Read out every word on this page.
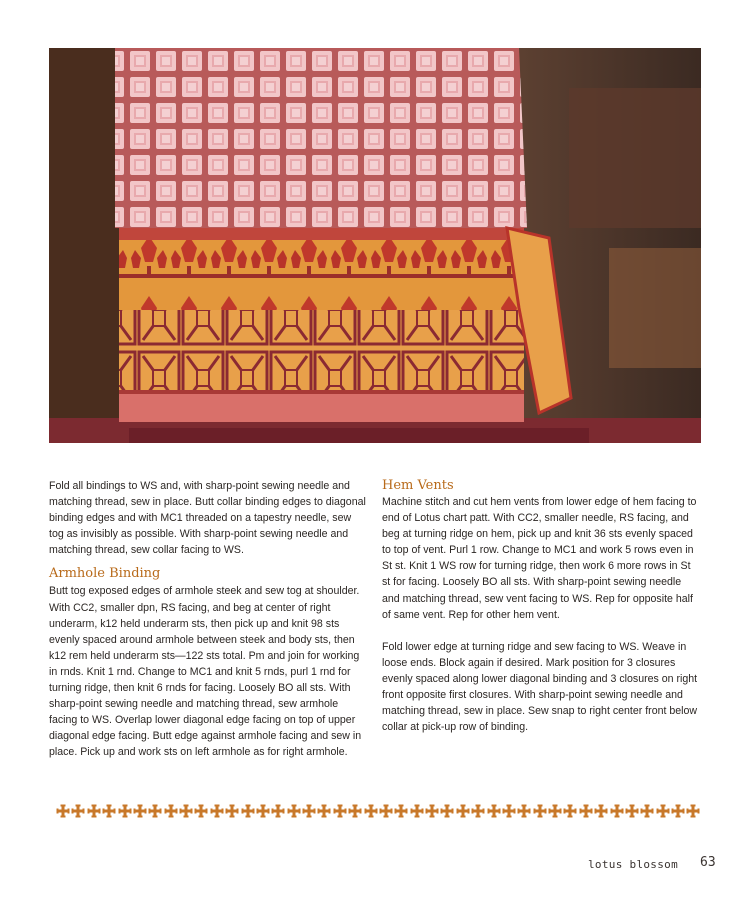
Fold all bindings to WS and, with sharp-point sewing needle and matching thread, sew in place. Butt collar binding edges to diagonal binding edges and with MC1 threaded on a tapestry needle, sew tog as invisibly as possible. With sharp-point sewing needle and matching thread, sew collar facing to WS.

Armhole Binding

Butt tog exposed edges of armhole steek and sew tog at shoulder. With CC2, smaller dpn, RS facing, and beg at center of right underarm, k12 held underarm sts, then pick up and knit 98 sts evenly spaced around armhole between steek and body sts, then k12 rem held underarm sts—122 sts total. Pm and join for working in rnds. Knit 1 rnd. Change to MC1 and knit 5 rnds, purl 1 rnd for turning ridge, then knit 6 rnds for facing. Loosely BO all sts. With sharp-point sewing needle and matching thread, sew armhole facing to WS. Overlap lower diagonal edge facing on top of upper diagonal edge facing. Butt edge against armhole facing and sew in place. Pick up and work sts on left armhole as for right armhole.

Hem Vents

Machine stitch and cut hem vents from lower edge of hem facing to end of Lotus chart patt. With CC2, smaller needle, RS facing, and beg at turning ridge on hem, pick up and knit 36 sts evenly spaced to top of vent. Purl 1 row. Change to MC1 and work 5 rows even in St st. Knit 1 WS row for turning ridge, then work 6 more rows in St st for facing. Loosely BO all sts. With sharp-point sewing needle and matching thread, sew vent facing to WS. Rep for opposite half of same vent. Rep for other hem vent.

Fold lower edge at turning ridge and sew facing to WS. Weave in loose ends. Block again if desired. Mark position for 3 closures evenly spaced along lower diagonal binding and 3 closures on right front opposite first closures. With sharp-point sewing needle and matching thread, sew in place. Sew snap to right center front below collar at pick-up row of binding.

lotus blossom 63
